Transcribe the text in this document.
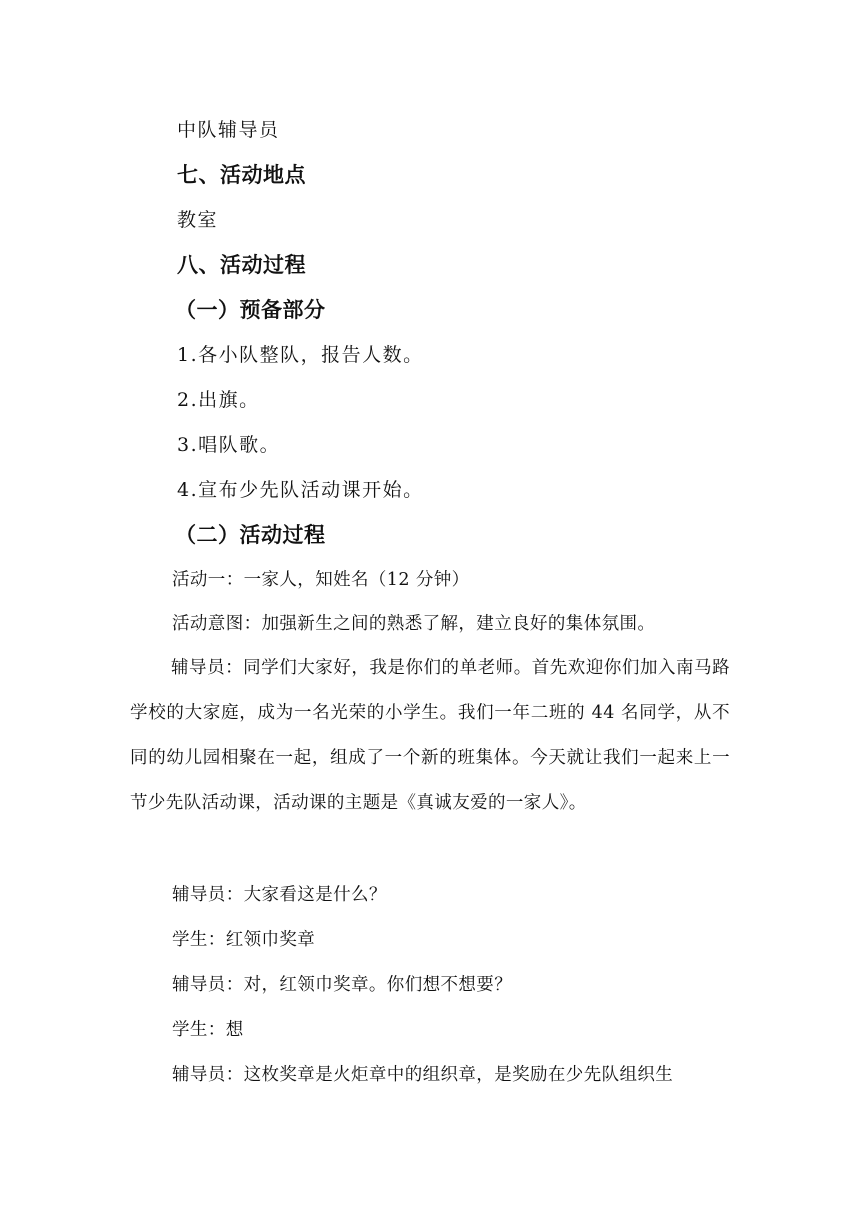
中队辅导员
七、活动地点
教室
八、活动过程
（一）预备部分
1.各小队整队，报告人数。
2.出旗。
3.唱队歌。
4.宣布少先队活动课开始。
（二）活动过程
活动一：一家人，知姓名（12 分钟）
活动意图：加强新生之间的熟悉了解，建立良好的集体氛围。
辅导员：同学们大家好，我是你们的单老师。首先欢迎你们加入南马路学校的大家庭，成为一名光荣的小学生。我们一年二班的 44 名同学，从不同的幼儿园相聚在一起，组成了一个新的班集体。今天就让我们一起来上一节少先队活动课，活动课的主题是《真诚友爱的一家人》。
辅导员：大家看这是什么？
学生：红领巾奖章
辅导员：对，红领巾奖章。你们想不想要？
学生：想
辅导员：这枚奖章是火炬章中的组织章，是奖励在少先队组织生
